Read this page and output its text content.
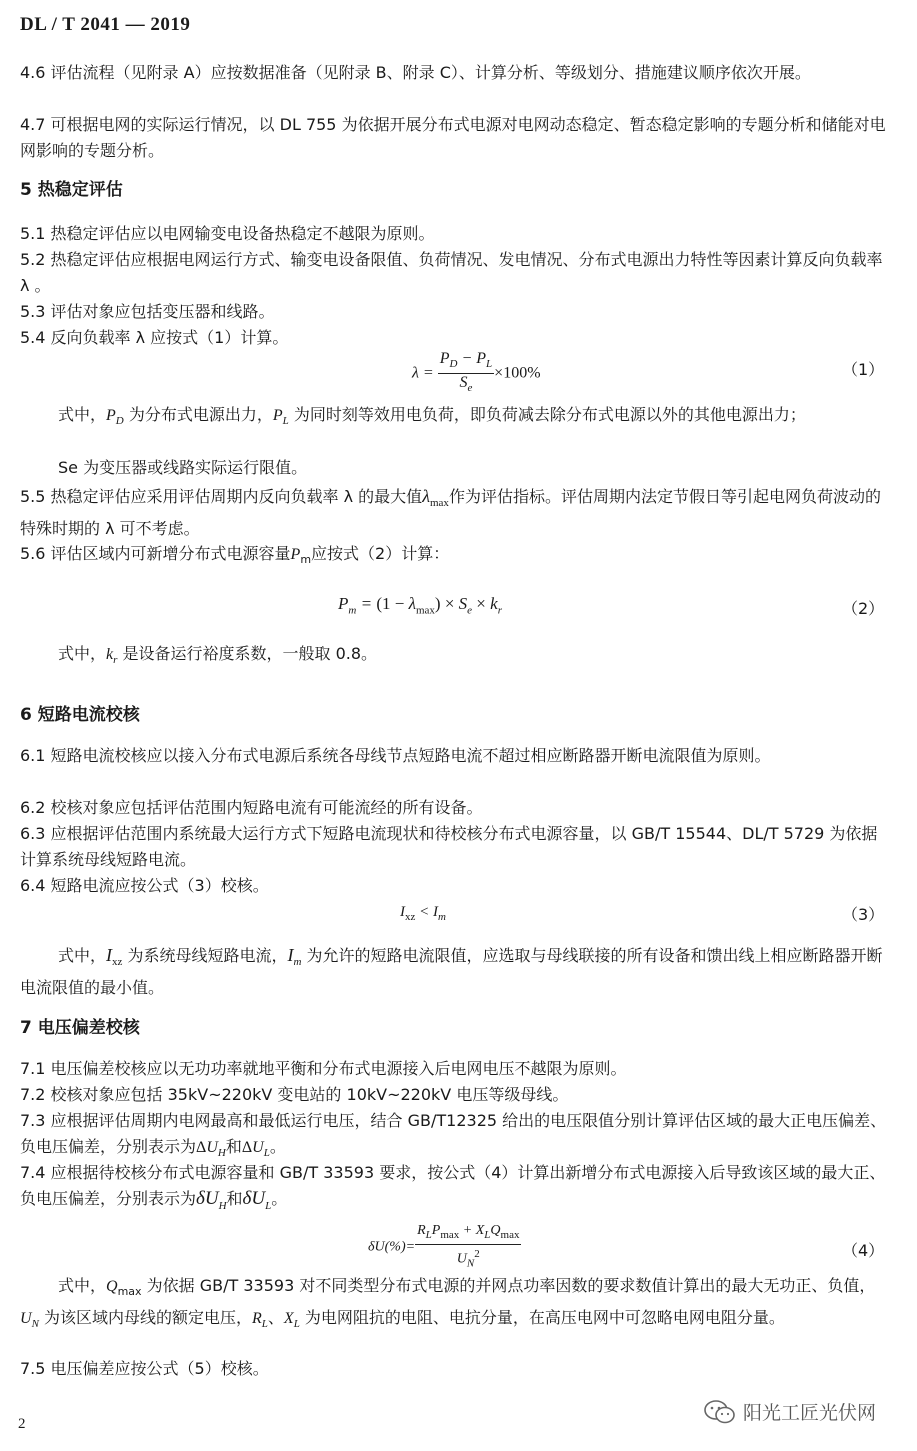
DL / T 2041 — 2019

4.6 评估流程（见附录 A）应按数据准备（见附录 B、附录 C）、计算分析、等级划分、措施建议顺序依次开展。

4.7 可根据电网的实际运行情况，以 DL 755 为依据开展分布式电源对电网动态稳定、暂态稳定影响的专题分析和储能对电网影响的专题分析。

5 热稳定评估
5.1 热稳定评估应以电网输变电设备热稳定不越限为原则。
5.2 热稳定评估应根据电网运行方式、输变电设备限值、负荷情况、发电情况、分布式电源出力特性等因素计算反向负载率 λ 。
5.3 评估对象应包括变压器和线路。
5.4 反向负载率 λ 应按式（1）计算。
$\lambda = \frac{P_D - P_L}{S_e} \times 100\%$	（1）
式中，$P_D$ 为分布式电源出力，$P_L$ 为同时刻等效用电负荷，即负荷减去除分布式电源以外的其他电源出力；
Se 为变压器或线路实际运行限值。
5.5 热稳定评估应采用评估周期内反向负载率 λ 的最大值$\lambda_{max}$作为评估指标。评估周期内法定节假日等引起电网负荷波动的特殊时期的 λ 可不考虑。
5.6 评估区域内可新增分布式电源容量$P_m$应按式（2）计算：
$P_m = (1 - \lambda_{max}) \times S_e \times k_r$	（2）
式中，$k_r$ 是设备运行裕度系数，一般取 0.8。
6 短路电流校核
6.1 短路电流校核应以接入分布式电源后系统各母线节点短路电流不超过相应断路器开断电流限值为原则。
6.2 校核对象应包括评估范围内短路电流有可能流经的所有设备。
6.3 应根据评估范围内系统最大运行方式下短路电流现状和待校核分布式电源容量，以 GB/T 15544、DL/T 5729 为依据计算系统母线短路电流。
6.4 短路电流应按公式（3）校核。
$I_{xz} < I_m$	（3）
式中，$I_{xz}$ 为系统母线短路电流，$I_m$ 为允许的短路电流限值，应选取与母线联接的所有设备和馈出线上相应断路器开断电流限值的最小值。
7 电压偏差校核
7.1 电压偏差校核应以无功功率就地平衡和分布式电源接入后电网电压不越限为原则。
7.2 校核对象应包括 35kV~220kV 变电站的 10kV~220kV 电压等级母线。
7.3 应根据评估周期内电网最高和最低运行电压，结合 GB/T12325 给出的电压限值分别计算评估区域的最大正电压偏差、负电压偏差，分别表示为$\Delta U_H$和$\Delta U_L$。
7.4 应根据待校核分布式电源容量和 GB/T 33593 要求，按公式（4）计算出新增分布式电源接入后导致该区域的最大正、负电压偏差，分别表示为$\delta U_H$和$\delta U_L$。
$\delta U(\%)= \frac{R_LP_{max} + X_LQ_{max}}{U_N^2}$	（4）
式中，$Q_{max}$ 为依据 GB/T 33593 对不同类型分布式电源的并网点功率因数的要求数值计算出的最大无功正、负值，$U_N$ 为该区域内母线的额定电压，$R_L$、$X_L$ 为电网阻抗的电阻、电抗分量，在高压电网中可忽略电网电阻分量。
7.5 电压偏差应按公式（5）校核。
2	阳光工匠光伏网
